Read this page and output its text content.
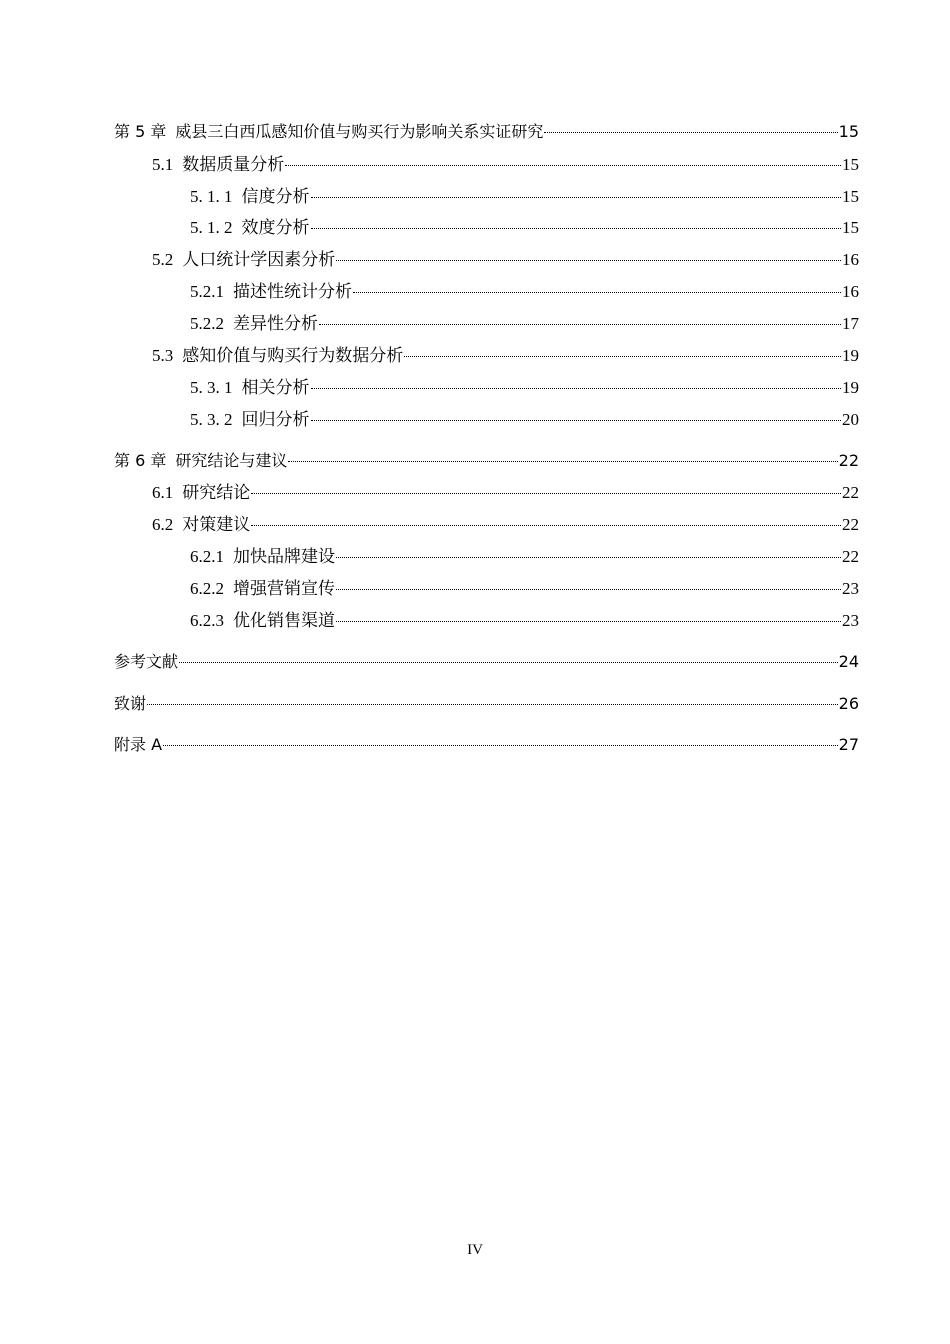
第 5 章 威县三白西瓜感知价值与购买行为影响关系实证研究	15
5.1 数据质量分析	15
5. 1. 1 信度分析	15
5. 1. 2 效度分析	15
5.2 人口统计学因素分析	16
5.2.1 描述性统计分析	16
5.2.2 差异性分析	17
5.3 感知价值与购买行为数据分析	19
5. 3. 1 相关分析	19
5. 3. 2 回归分析	20
第 6 章 研究结论与建议	22
6.1 研究结论	22
6.2 对策建议	22
6.2.1 加快品牌建设	22
6.2.2 增强营销宣传	23
6.2.3 优化销售渠道	23
参考文献	24
致谢	26
附录 A	27
IV
